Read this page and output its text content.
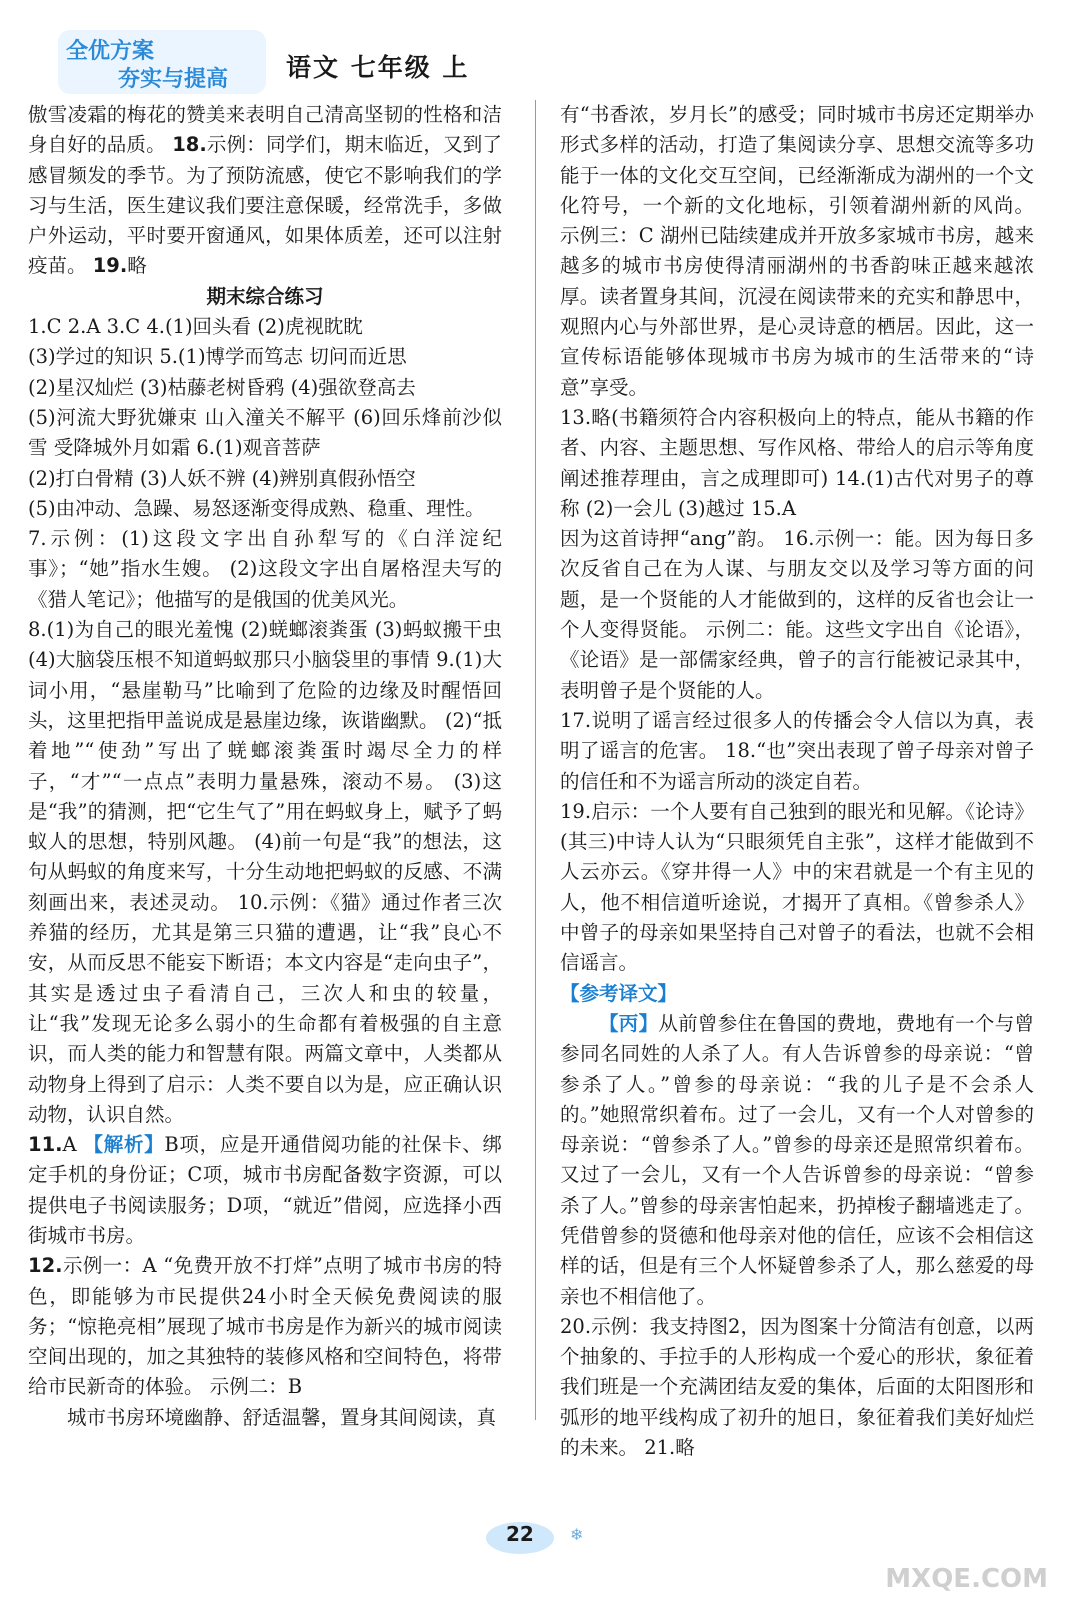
全优方案
夯实与提高 语文 七年级 上

傲雪凌霜的梅花的赞美来表明自己清高坚韧的性格和洁身自好的品质。 18.示例：同学们，期末临近，又到了感冒频发的季节。为了预防流感，使它不影响我们的学习与生活，医生建议我们要注意保暖，经常洗手，多做户外运动，平时要开窗通风，如果体质差，还可以注射疫苗。 19.略

期末综合练习

1.C 2.A 3.C 4.(1)回头看 (2)虎视眈眈

(3)学过的知识 5.(1)博学而笃志 切问而近思

(2)星汉灿烂 (3)枯藤老树昏鸦 (4)强欲登高去

(5)河流大野犹嫌束 山入潼关不解平 (6)回乐烽前沙似雪 受降城外月如霜 6.(1)观音菩萨

(2)打白骨精 (3)人妖不辨 (4)辨别真假孙悟空

(5)由冲动、急躁、易怒逐渐变得成熟、稳重、理性。

7.示例：(1)这段文字出自孙犁写的《白洋淀纪事》；“她”指水生嫂。 (2)这段文字出自屠格涅夫写的《猎人笔记》；他描写的是俄国的优美风光。

8.(1)为自己的眼光羞愧 (2)蜣螂滚粪蛋 (3)蚂蚁搬干虫 (4)大脑袋压根不知道蚂蚁那只小脑袋里的事情 9.(1)大词小用，“悬崖勒马”比喻到了危险的边缘及时醒悟回头，这里把指甲盖说成是悬崖边缘，诙谐幽默。 (2)“抵着地”“使劲”写出了蜣螂滚粪蛋时竭尽全力的样子，“才”“一点点”表明力量悬殊，滚动不易。 (3)这是“我”的猜测，把“它生气了”用在蚂蚁身上，赋予了蚂蚁人的思想，特别风趣。 (4)前一句是“我”的想法，这句从蚂蚁的角度来写，十分生动地把蚂蚁的反感、不满刻画出来，表述灵动。 10.示例：《猫》通过作者三次养猫的经历，尤其是第三只猫的遭遇，让“我”良心不安，从而反思不能妄下断语；本文内容是“走向虫子”，其实是透过虫子看清自己，三次人和虫的较量，让“我”发现无论多么弱小的生命都有着极强的自主意识，而人类的能力和智慧有限。两篇文章中，人类都从动物身上得到了启示：人类不要自以为是，应正确认识动物，认识自然。

11.A 【解析】B项，应是开通借阅功能的社保卡、绑定手机的身份证；C项，城市书房配备数字资源，可以提供电子书阅读服务；D项，“就近”借阅，应选择小西街城市书房。

12.示例一：A “免费开放不打烊”点明了城市书房的特色，即能够为市民提供24小时全天候免费阅读的服务；“惊艳亮相”展现了城市书房是作为新兴的城市阅读空间出现的，加之其独特的装修风格和空间特色，将带给市民新奇的体验。 示例二：B

城市书房环境幽静、舒适温馨，置身其间阅读，真

有“书香浓，岁月长”的感受；同时城市书房还定期举办形式多样的活动，打造了集阅读分享、思想交流等多功能于一体的文化交互空间，已经渐渐成为湖州的一个文化符号，一个新的文化地标，引领着湖州新的风尚。 示例三：C 湖州已陆续建成并开放多家城市书房，越来越多的城市书房使得清丽湖州的书香韵味正越来越浓厚。读者置身其间，沉浸在阅读带来的充实和静思中，观照内心与外部世界，是心灵诗意的栖居。因此，这一宣传标语能够体现城市书房为城市的生活带来的“诗意”享受。

13.略(书籍须符合内容积极向上的特点，能从书籍的作者、内容、主题思想、写作风格、带给人的启示等角度阐述推荐理由，言之成理即可) 14.(1)古代对男子的尊称 (2)一会儿 (3)越过 15.A

因为这首诗押“ang”韵。 16.示例一：能。因为每日多次反省自己在为人谋、与朋友交以及学习等方面的问题，是一个贤能的人才能做到的，这样的反省也会让一个人变得贤能。 示例二：能。这些文字出自《论语》，《论语》是一部儒家经典，曾子的言行能被记录其中，表明曾子是个贤能的人。

17.说明了谣言经过很多人的传播会令人信以为真，表明了谣言的危害。 18.“也”突出表现了曾子母亲对曾子的信任和不为谣言所动的淡定自若。

19.启示：一个人要有自己独到的眼光和见解。《论诗》(其三)中诗人认为“只眼须凭自主张”，这样才能做到不人云亦云。《穿井得一人》中的宋君就是一个有主见的人，他不相信道听途说，才揭开了真相。《曾参杀人》中曾子的母亲如果坚持自己对曾子的看法，也就不会相信谣言。

【参考译文】

【丙】从前曾参住在鲁国的费地，费地有一个与曾参同名同姓的人杀了人。有人告诉曾参的母亲说：“曾参杀了人。”曾参的母亲说：“我的儿子是不会杀人的。”她照常织着布。过了一会儿，又有一个人对曾参的母亲说：“曾参杀了人。”曾参的母亲还是照常织着布。又过了一会儿，又有一个人告诉曾参的母亲说：“曾参杀了人。”曾参的母亲害怕起来，扔掉梭子翻墙逃走了。凭借曾参的贤德和他母亲对他的信任，应该不会相信这样的话，但是有三个人怀疑曾参杀了人，那么慈爱的母亲也不相信他了。

20.示例：我支持图2，因为图案十分简洁有创意，以两个抽象的、手拉手的人形构成一个爱心的形状，象征着我们班是一个充满团结友爱的集体，后面的太阳图形和弧形的地平线构成了初升的旭日，象征着我们美好灿烂的未来。 21.略

❄
22
MXQE.COM
